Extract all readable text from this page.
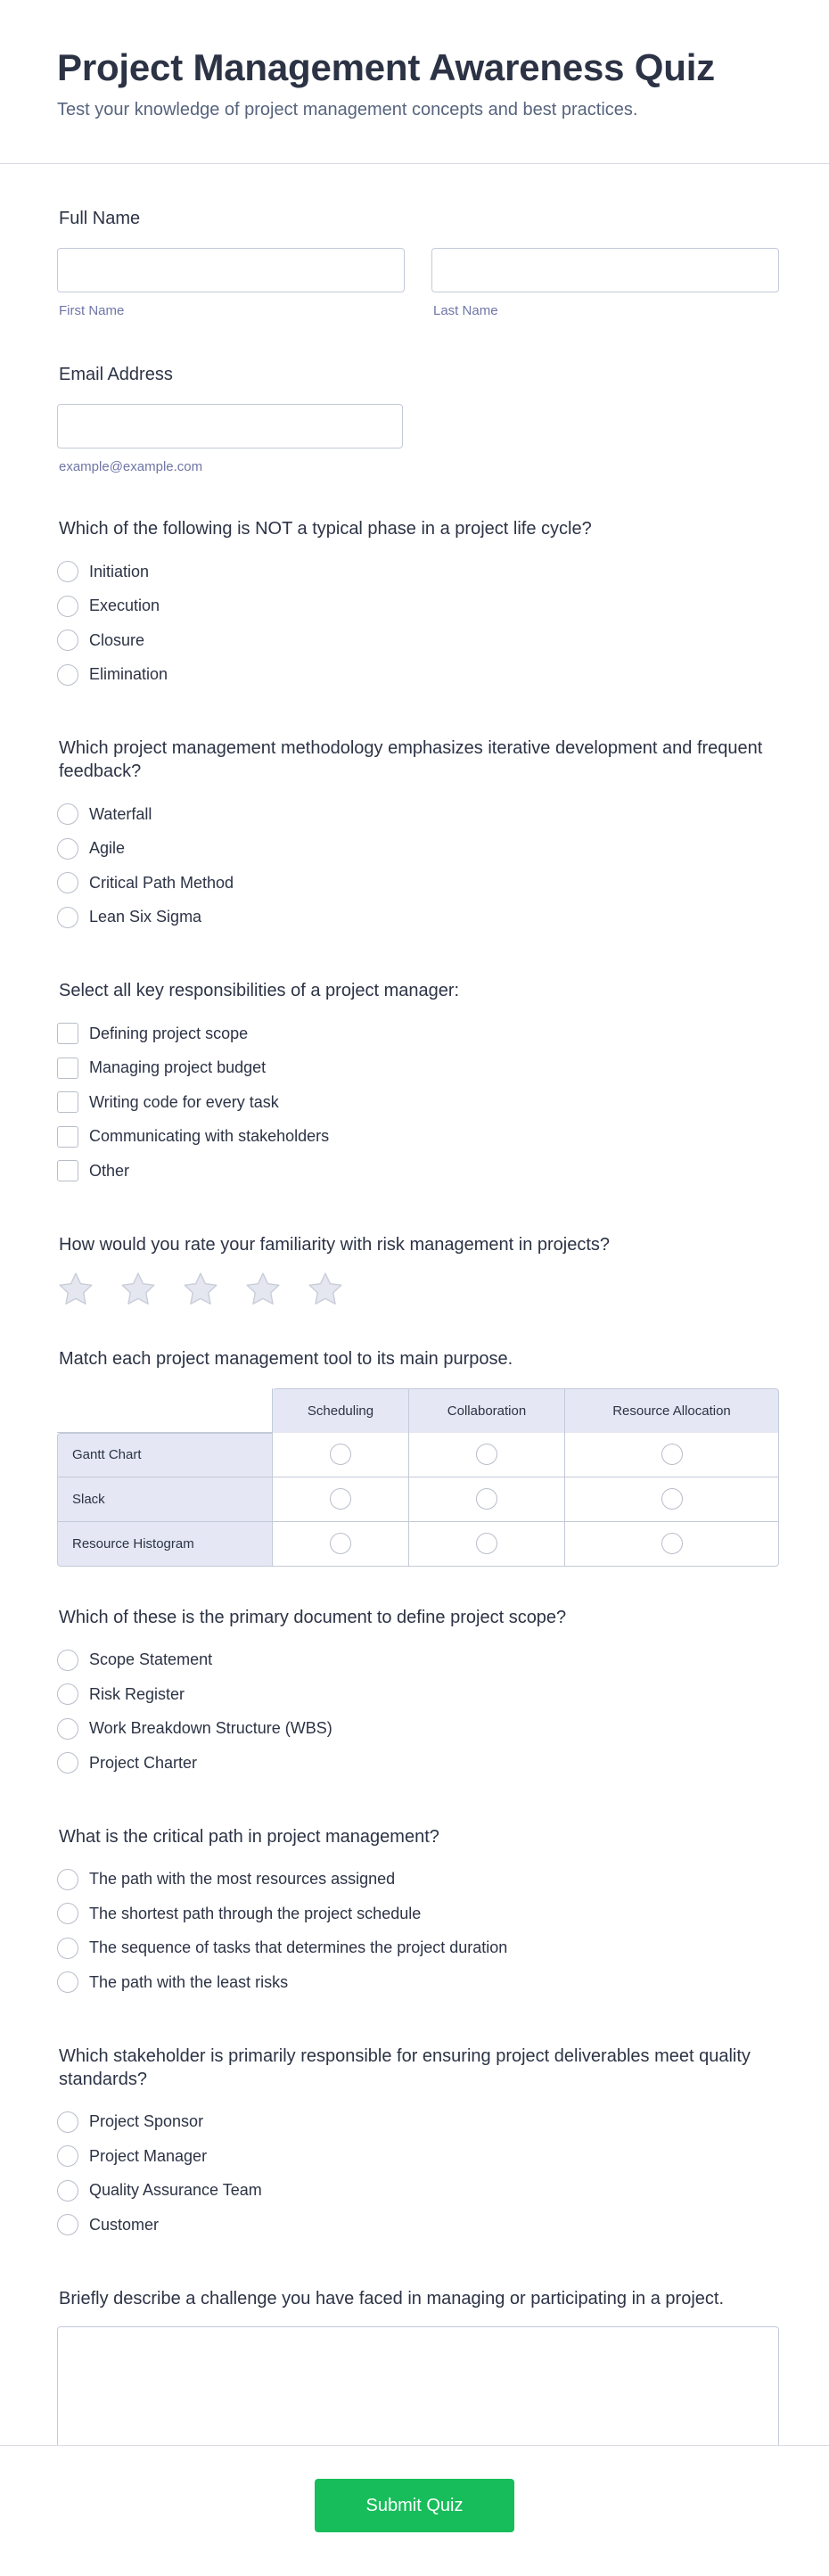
Project Management Awareness Quiz

Test your knowledge of project management concepts and best practices.

Full Name
First Name	Last Name
Email Address
example@example.com
Which of the following is NOT a typical phase in a project life cycle?
Initiation
Execution
Closure
Elimination
Which project management methodology emphasizes iterative development and frequent feedback?
Waterfall
Agile
Critical Path Method
Lean Six Sigma
Select all key responsibilities of a project manager:
Defining project scope
Managing project budget
Writing code for every task
Communicating with stakeholders
Other
How would you rate your familiarity with risk management in projects?
Match each project management tool to its main purpose.
	Scheduling	Collaboration	Resource Allocation
Gantt Chart			
Slack			
Resource Histogram			
Which of these is the primary document to define project scope?
Scope Statement
Risk Register
Work Breakdown Structure (WBS)
Project Charter
What is the critical path in project management?
The path with the most resources assigned
The shortest path through the project schedule
The sequence of tasks that determines the project duration
The path with the least risks
Which stakeholder is primarily responsible for ensuring project deliverables meet quality standards?
Project Sponsor
Project Manager
Quality Assurance Team
Customer
Briefly describe a challenge you have faced in managing or participating in a project.
Submit Quiz
